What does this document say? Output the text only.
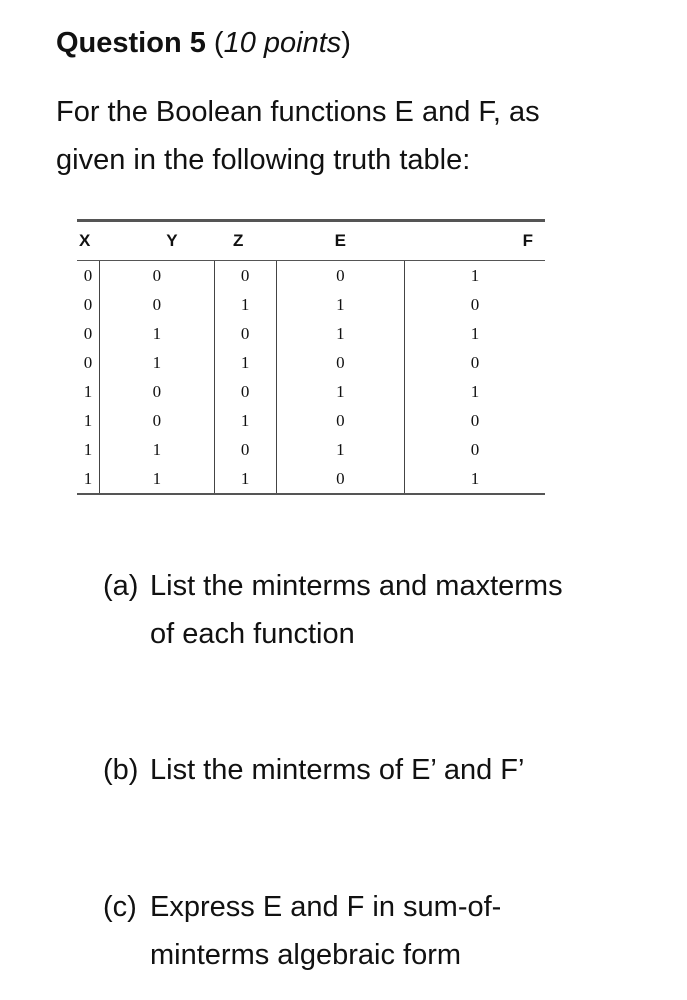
Question 5 (10 points)
For the Boolean functions E and F, as
given in the following truth table:
X	Y	Z	E	F
0	0	0	0	1
0	0	1	1	0
0	1	0	1	1
0	1	1	0	0
1	0	0	1	1
1	0	1	0	0
1	1	0	1	0
1	1	1	0	1
(a) List the minterms and maxterms
of each function
(b) List the minterms of E’ and F’
(c) Express E and F in sum-of-
minterms algebraic form
